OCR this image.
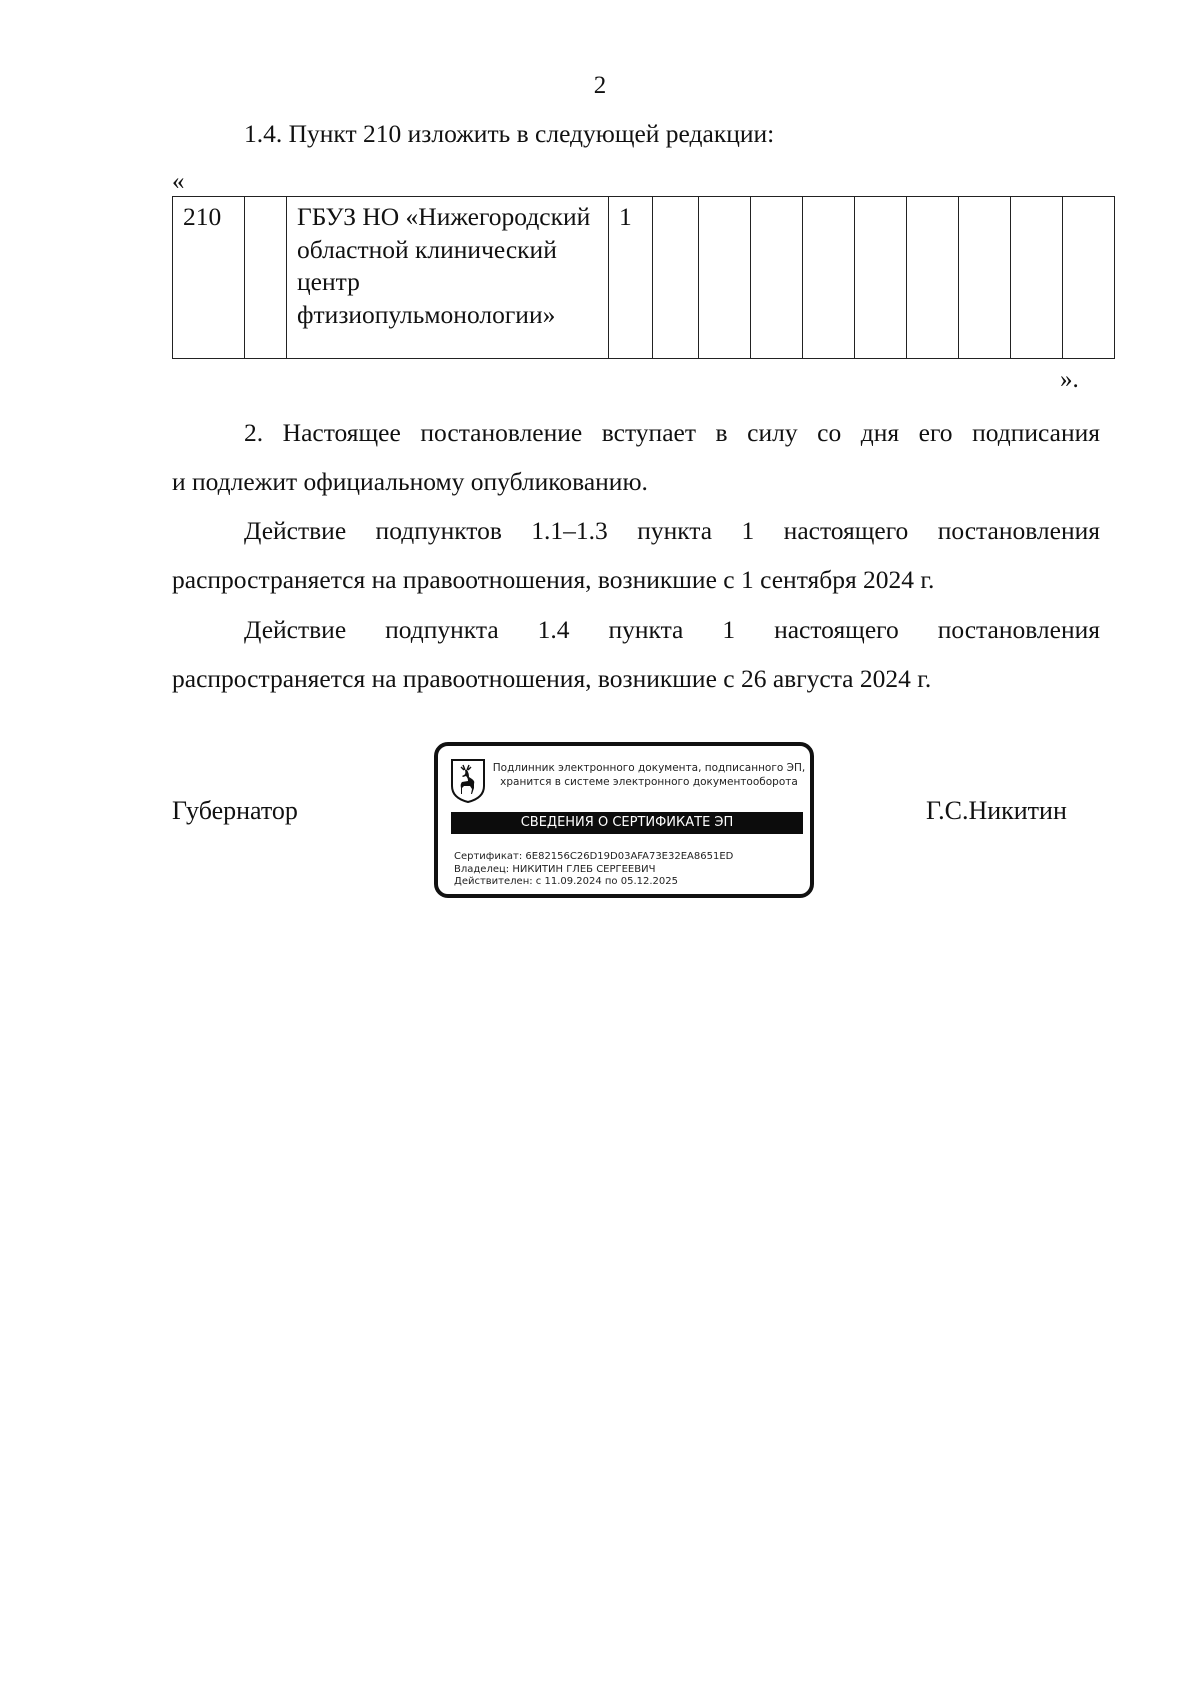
2
1.4. Пункт 210 изложить в следующей редакции:
«
210		ГБУЗ НО «Нижегородский областной клинический центр фтизиопульмонологии»	1									
».
2. Настоящее постановление вступает в силу со дня его подписания
и подлежит официальному опубликованию.
Действие подпунктов 1.1–1.3 пункта 1 настоящего постановления
распространяется на правоотношения, возникшие с 1 сентября 2024 г.
Действие подпункта 1.4 пункта 1 настоящего постановления
распространяется на правоотношения, возникшие с 26 августа 2024 г.
Губернатор
Подлинник электронного документа, подписанного ЭП,
хранится в системе электронного документооборота
СВЕДЕНИЯ О СЕРТИФИКАТЕ ЭП
Сертификат: 6E82156C26D19D03AFA73E32EA8651ED
Владелец: НИКИТИН ГЛЕБ СЕРГЕЕВИЧ
Действителен: с 11.09.2024 по 05.12.2025
Г.С.Никитин
